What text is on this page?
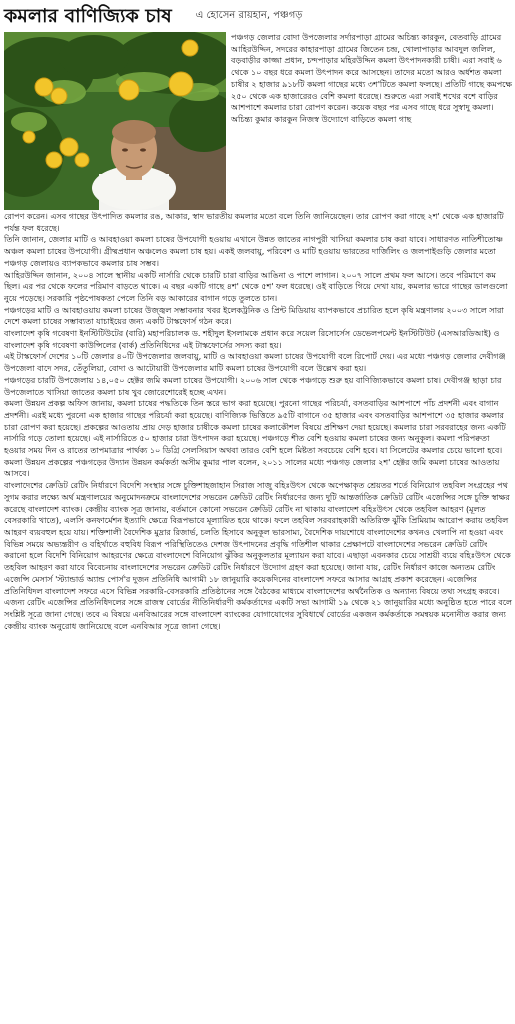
কমলার বাণিজ্যিক চাষ এ হোসেন রায়হান, পঞ্চগড়

পঞ্চগড় জেলার বোদা উপজেলার সর্দারপাড়া গ্রামের অচিন্ত্য কারকুন, বেতবাড়ি গ্রামের আহিরউদ্দিন, সদরের কাহারপাড়া গ্রামের জিতেন চন্দ্র, খোলাপাড়ার আবদুল জলিল, বড়বাড়ীর কাজ্জা প্রধান, চন্দপাড়ার মহিরউদ্দিন কমলা উৎপাদনকারী চাষী। এরা সবাই ৬ থেকে ১০ বছর ধরে কমলা উৎপাদন করে আসছেন। তাদের মতো আরও অর্ধশত কমলা চাষীর ২ হাজার ৯১৮টি কমলা গাছের মধ্যে ৩শ'টিতে কমলা ফলছে। প্রতিটি গাছে কমপক্ষে ২৫০ থেকে এক হাজারেরও বেশি কমলা ধরেছে। শুরুতে এরা সবাই শখের বশে বাড়ির আশপাশে কমলার চারা রোপণ করেন। কয়েক বছর পর এসব গাছে ধরে সুস্বাদু কমলা।

অচিন্ত্য কুমার কারকুন নিজস্ব উদ্যোগে বাড়িতে কমলা গাছ

রোপণ করেন। এসব গাছের উৎপাদিত কমলার রঙ, আকার, স্বাদ ভারতীয় কমলার মতো বলে তিনি জানিয়েছেন। তার রোপণ করা গাছে ২শ' থেকে এক হাজারটি পর্যন্ত ফল ধরেছে।

তিনি জানান, জেলার মাটি ও আবহাওয়া কমলা চাষের উপযোগী হওয়ায় এখানে উন্নত জাতের নাগপুরী খাসিয়া কমলার চাষ করা যাবে। সাধারণত নাতিশীতোষ্ণ অঞ্চল কমলা চাষের উপযোগী। গ্রীষ্মপ্রধান অঞ্চলেও কমলা চাষ হয়। একই জলবায়ু, পরিবেশ ও মাটি হওয়ায় ভারতের দার্জিলিং ও জলপাইগুড়ি জেলার মতো পঞ্চগড় জেলায়ও ব্যাপকভাবে কমলার চাষ সম্ভব।

আহিরউদ্দিন জানান, ২০০৪ সালে স্থানীয় একটি নার্সারি থেকে চারটি চারা বাড়ির আঙিনা ও পাশে লাগান। ২০০৭ সালে প্রথম ফল আসে। তবে পরিমাণে কম ছিল। এর পর থেকে ফলের পরিমাণ বাড়তে থাকে। এ বছর একটি গাছে ৪শ' থেকে ৫শ' ফল ধরেছে। ওই বাড়িতে গিয়ে দেখা যায়, কমলার ভারে গাছের ডালগুলো নুয়ে পড়েছে। সরকারি পৃষ্ঠপোষকতা পেলে তিনি বড় আকারের বাগান গড়ে তুলতে চান।

পঞ্চগড়ের মাটি ও আবহাওয়ায় কমলা চাষের উজ্জ্বল সম্ভাবনার খবর ইলেকট্রনিক ও প্রিন্ট মিডিয়ায় ব্যাপকভাবে প্রচারিত হলে কৃষি মন্ত্রণালয় ২০০৩ সালে সারা দেশে কমলা চাষের সম্ভাব্যতা যাচাইয়ের জন্য একটি টাস্কফোর্স গঠন করে।

বাংলাদেশ কৃষি গবেষণা ইনস্টিটিউটের (বারি) মহাপরিচালক ড. শহীদুল ইসলামকে প্রধান করে সয়েল রিসোর্সেস ডেভেলপমেন্ট ইনস্টিটিউট (এসআরডিআই) ও বাংলাদেশ কৃষি গবেষণা কাউন্সিলের (বার্ক) প্রতিনিধিদের এই টাস্কফোর্সের সদস্য করা হয়।

এই টাস্কফোর্স দেশের ১০টি জেলার ৪০টি উপজেলার জলবায়ু, মাটি ও আবহাওয়া কমলা চাষের উপযোগী বলে রিপোর্ট দেয়। এর মধ্যে পঞ্চগড় জেলার দেবীগঞ্জ উপজেলা বাদে সদর, তেঁতুলিয়া, বোদা ও আটোয়ারী উপজেলার মাটি কমলা চাষের উপযোগী বলে উল্লেখ করা হয়।

পঞ্চগড়ের চারটি উপজেলায় ১৪,০৫০ হেক্টর জমি কমলা চাষের উপযোগী। ২০০৬ সাল থেকে পঞ্চগড়ে শুরু হয় বাণিজ্যিকভাবে কমলা চাষ। দেবীগঞ্জ ছাড়া চার উপজেলাতে খাসিয়া জাতের কমলা চাষ খুব জোরেশোরেই হচ্ছে এখন।

কমলা উন্নয়ন প্রকল্প অফিস জানায়, কমলা চাষের পদ্ধতিকে তিন স্তরে ভাগ করা হয়েছে। পুরনো গাছের পরিচর্যা, বসতবাড়ির আশপাশে পাঁচ প্রদর্শনী এবং বাগান প্রদর্শনী। এরই মধ্যে পুরনো এক হাজার গাছের পরিচর্যা করা হয়েছে। বাণিজ্যিক ভিত্তিতে ৯৫টি বাগানে ৩৫ হাজার এবং বসতবাড়ির আশপাশে ৩৫ হাজার কমলার চারা রোপণ করা হয়েছে। প্রকল্পের আওতায় প্রায় দেড় হাজার চাষীকে কমলা চাষের কলাকৌশল বিষয়ে প্রশিক্ষণ দেয়া হয়েছে। কমলার চারা সরবরাহের জন্য একটি নার্সারি গড়ে তোলা হয়েছে। এই নার্সারিতে ৫০ হাজার চারা উৎপাদন করা হয়েছে। পঞ্চগড়ে শীত বেশি হওয়ায় কমলা চাষের জন্য অনুকূল। কমলা পরিপক্বতা হওয়ার সময় দিন ও রাতের তাপমাত্রার পার্থক্য ১০ ডিগ্রি সেলসিয়াস অথবা তারও বেশি হলে মিষ্টতা সবচেয়ে বেশি হবে। যা সিলেটের কমলার চেয়ে ভালো হবে।

কমলা উন্নয়ন প্রকল্পের পঞ্চগড়ের উদ্যান উন্নয়ন কর্মকর্তা অসীম কুমার পাল বলেন, ২০১১ সালের মধ্যে পঞ্চগড় জেলার ২শ' হেক্টর জমি কমলা চাষের আওতায় আসবে।

বাংলাদেশের ক্রেডিট রেটিং নির্ধারণে বিদেশি সংস্থার সঙ্গে চুক্তিশাহজাহান সিরাজ সাজু বহিঃউৎস থেকে অপেক্ষাকৃত শ্রেয়তর শর্তে বিনিয়োগ তহবিল সংগ্রহের পথ সুগম করার লক্ষ্যে অর্থ মন্ত্রণালয়ের অনুমোদনক্রমে বাংলাদেশের সভরেন ক্রেডিট রেটিং নির্ধারণের জন্য দুটি আন্তর্জাতিক ক্রেডিট রেটিং এজেন্সির সঙ্গে চুক্তি স্বাক্ষর করেছে বাংলাদেশ ব্যাংক। কেন্দ্রীয় ব্যাংক সূত্র জানায়, বর্তমানে কোনো সভরেন ক্রেডিট রেটিং না থাকায় বাংলাদেশ বহিঃউৎস থেকে তহবিল আহরণ (মূলত বেসরকারি খাতে), এলসি কনফার্মেশন ইত্যাদি ক্ষেত্রে বিরূপভাবে মূল্যায়িত হয়ে থাকে। ফলে তহবিল সরবরাহকারী অতিরিক্ত ঝুঁকি প্রিমিয়াম আরোপ করায় তহবিল আহরণ ব্যয়বহুল হয়ে যায়। শক্তিশালী বৈদেশিক মুদ্রার রিজার্ভ, চলতি হিসাবে অনুকূল ভারসাম্য, বৈদেশিক দায়শোধে বাংলাদেশের কখনও খেলাপি না হওয়া এবং বিভিন্ন সময়ে অভ্যন্তরীণ ও বহির্খাতে বহুবিধ বিরূপ পরিস্থিতিতেও দেশজ উৎপাদনের প্রবৃদ্ধি গতিশীল থাকার প্রেক্ষাপটে বাংলাদেশের সভরেন ক্রেডিট রেটিং করানো হলে বিদেশি বিনিয়োগ আহরণের ক্ষেত্রে বাংলাদেশে বিনিয়োগ ঝুঁকির অনুকূলতার মূল্যায়ন করা যাবে। এছাড়া এবনকার চেয়ে সাশ্রয়ী ব্যয়ে বহিঃউৎস থেকে তহবিল আহরণ করা যাবে বিবেচনায় বাংলাদেশের সভরেন ক্রেডিট রেটিং নির্ধারণে উদ্যোগ গ্রহণ করা হয়েছে। জানা যায়, রেটিং নির্ধারণ কাজে অন্যতম রেটিং এজেন্সি মেসার্স 'স্ট্যান্ডার্ড অ্যান্ড পোর্স'র দুজন প্রতিনিধি আগামী ১৮ জানুয়ারি কয়েকদিনের বাংলাদেশ সফরে আসার আগ্রহ প্রকাশ করেছেন। এজেন্সির প্রতিনিধিদল বাংলাদেশ সফরে এসে বিভিন্ন সরকারি-বেসরকারি প্রতিষ্ঠানের সঙ্গে বৈঠকের মাধ্যমে বাংলাদেশের অর্থনৈতিক ও অন্যান্য বিষয়ে তথ্য সংগ্রহ করবে। এজন্য রেটিং এজেন্সির প্রতিনিধিদলের সঙ্গে রাজস্ব বোর্ডের নীতিনির্ধারণী কর্মকর্তাদের একটি সভা আগামী ১৯ থেকে ২১ জানুয়ারির মধ্যে অনুষ্ঠিত হতে পারে বলে সংশ্লিষ্ট সূত্রে জানা গেছে। তবে এ বিষয়ে এনবিআরের সঙ্গে বাংলাদেশ ব্যাংকের যোগাযোগের সুবিধার্থে বোর্ডের একজন কর্মকর্তাকে সমন্বয়ক মনোনীত করার জন্য কেন্দ্রীয় ব্যাংক অনুরোধ জানিয়েছে বলে এনবিআর সূত্রে জানা গেছে।
